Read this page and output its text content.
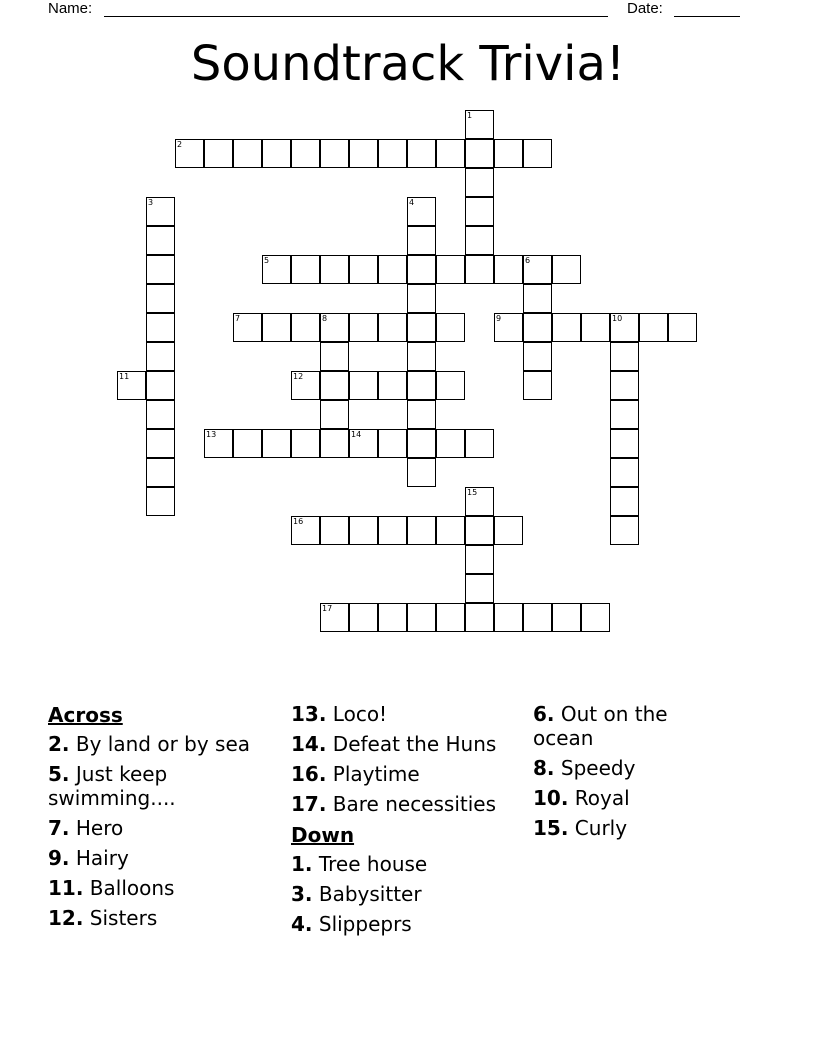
Name:	Date:
Soundtrack Trivia!
2
5	6
7	8	9	10
11	12
13	14
16
17
1
3	4
15
Across
2. By land or by sea
5. Just keep swimming....
7. Hero
9. Hairy
11. Balloons
12. Sisters
13. Loco!
14. Defeat the Huns
16. Playtime
17. Bare necessities
Down
1. Tree house
3. Babysitter
4. Slippeprs
6. Out on the ocean
8. Speedy
10. Royal
15. Curly
